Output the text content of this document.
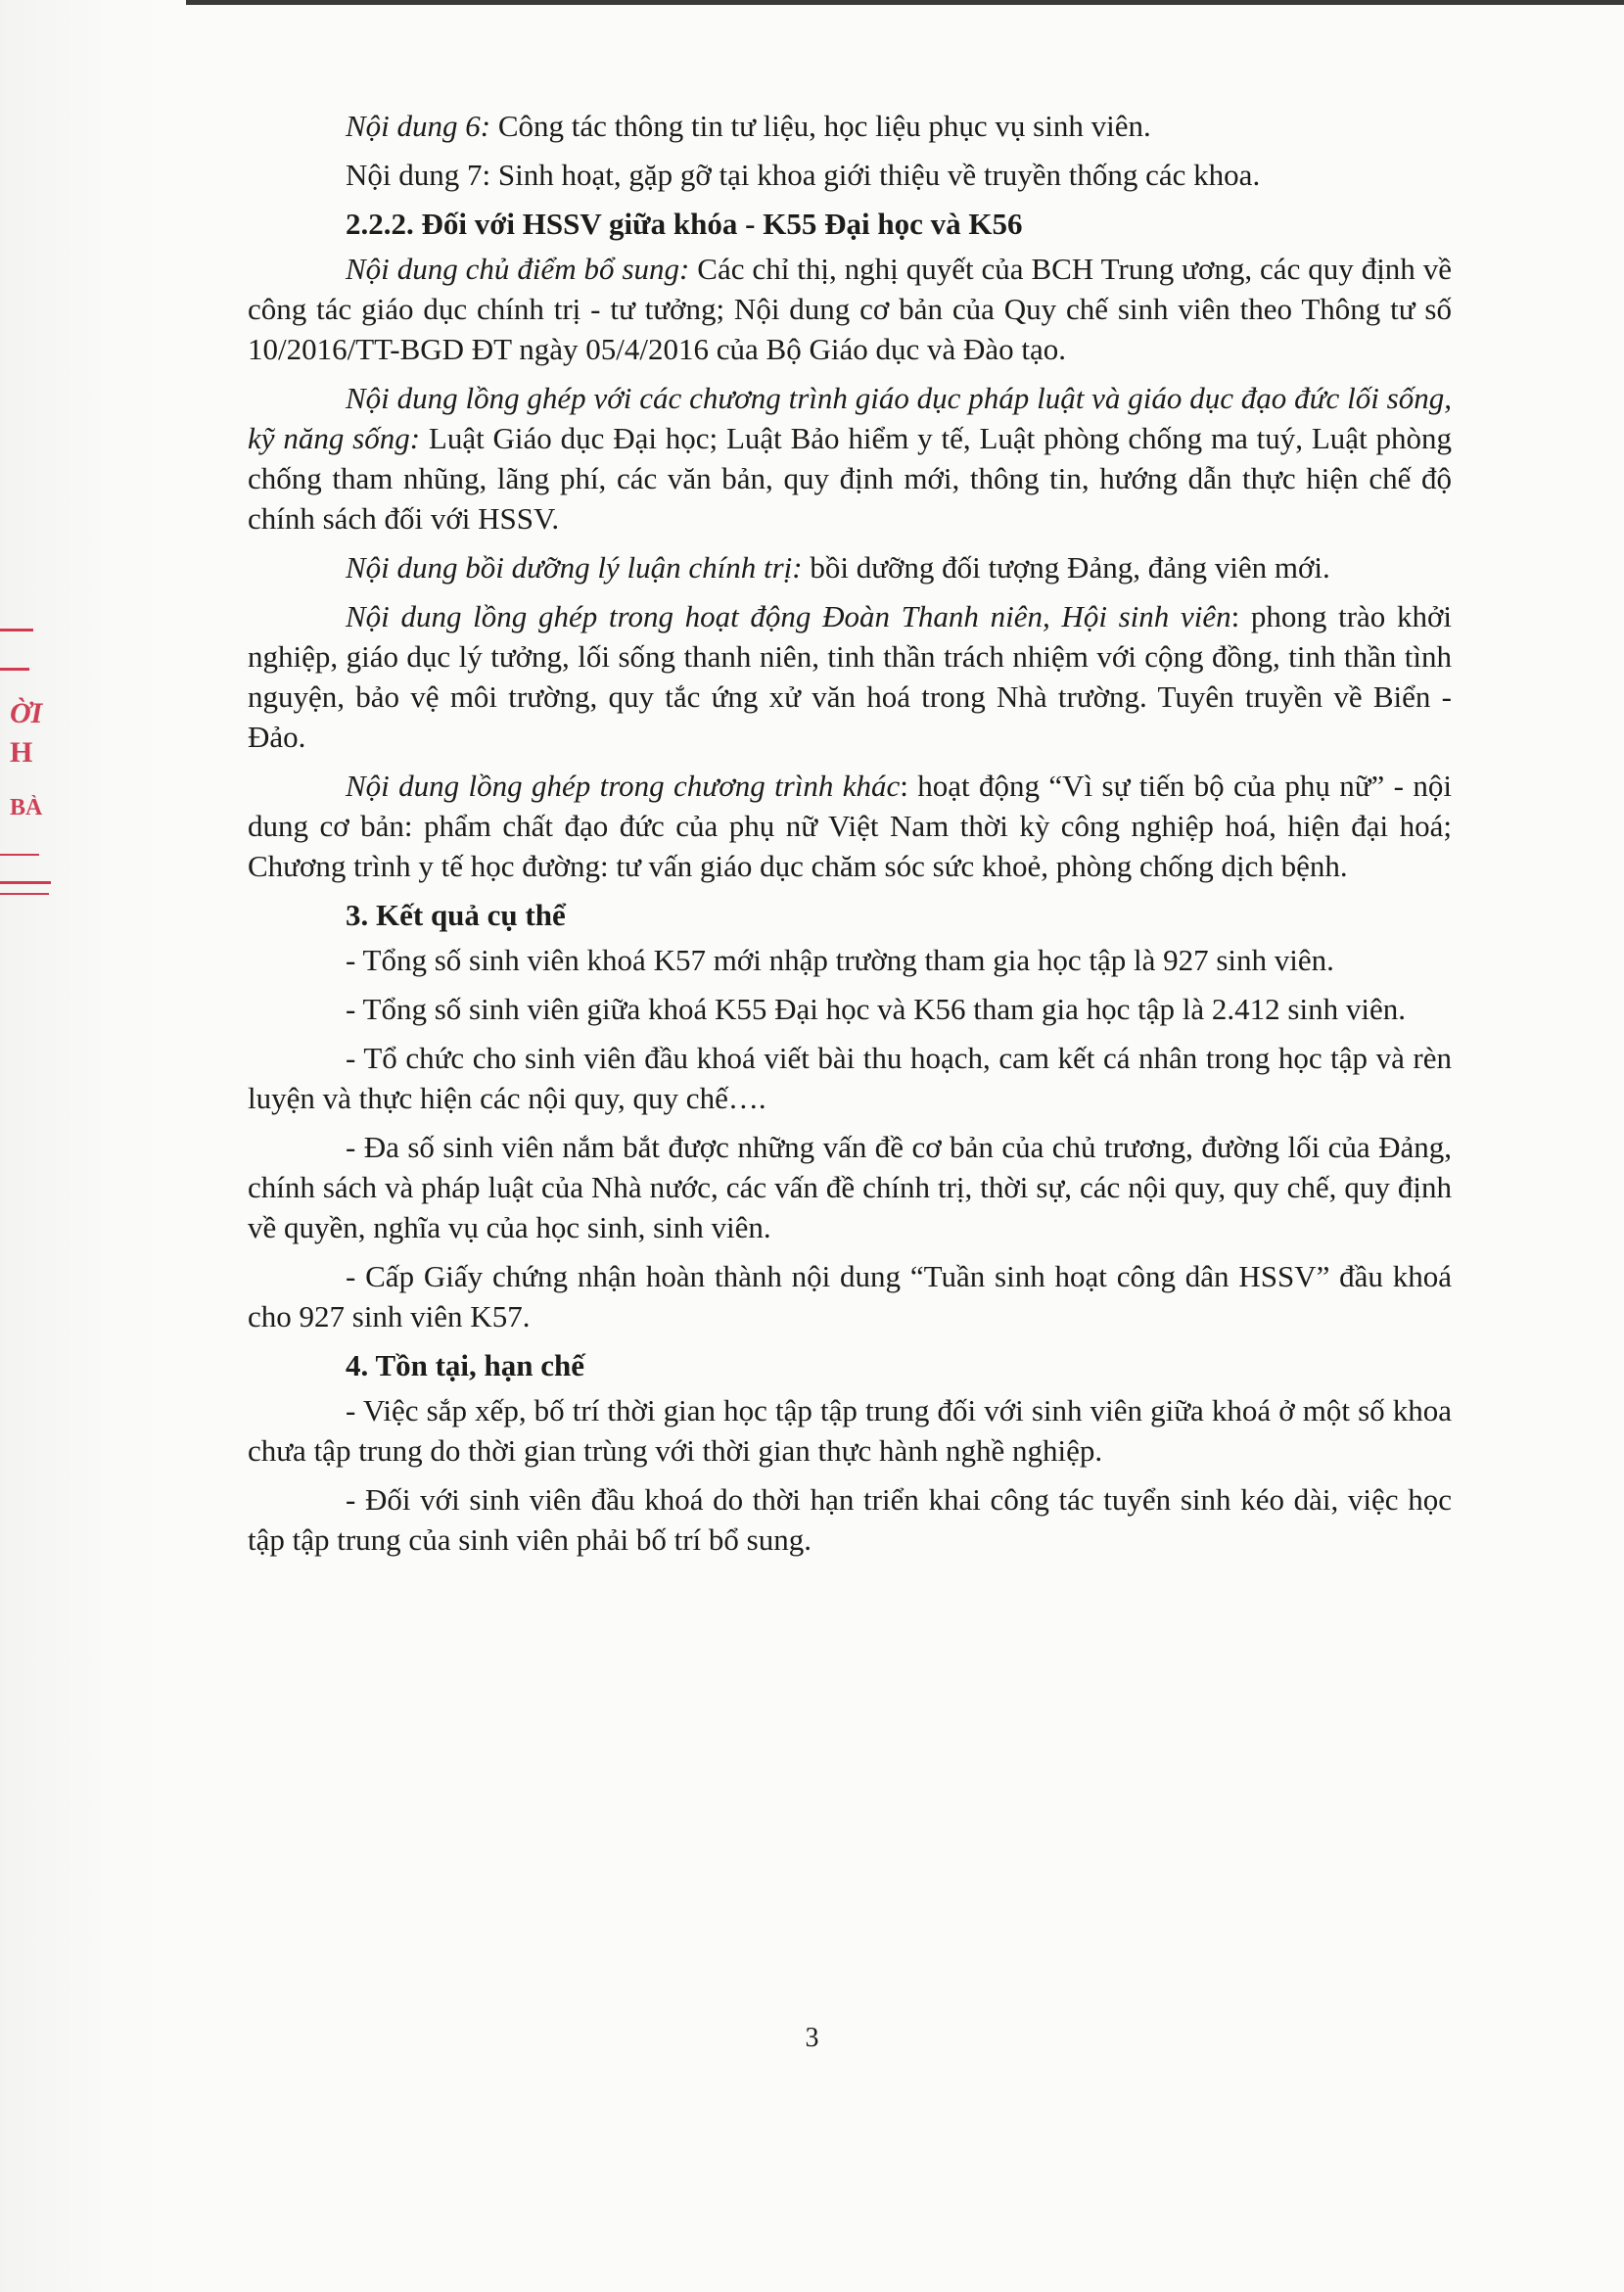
ỜI
H
BÀ

Nội dung 6: Công tác thông tin tư liệu, học liệu phục vụ sinh viên.

Nội dung 7: Sinh hoạt, gặp gỡ tại khoa giới thiệu về truyền thống các khoa.

2.2.2. Đối với HSSV giữa khóa - K55 Đại học và K56

Nội dung chủ điểm bổ sung: Các chỉ thị, nghị quyết của BCH Trung ương, các quy định về công tác giáo dục chính trị - tư tưởng; Nội dung cơ bản của Quy chế sinh viên theo Thông tư số 10/2016/TT-BGD ĐT ngày 05/4/2016 của Bộ Giáo dục và Đào tạo.

Nội dung lồng ghép với các chương trình giáo dục pháp luật và giáo dục đạo đức lối sống, kỹ năng sống: Luật Giáo dục Đại học; Luật Bảo hiểm y tế, Luật phòng chống ma tuý, Luật phòng chống tham nhũng, lãng phí, các văn bản, quy định mới, thông tin, hướng dẫn thực hiện chế độ chính sách đối với HSSV.

Nội dung bồi dưỡng lý luận chính trị: bồi dưỡng đối tượng Đảng, đảng viên mới.

Nội dung lồng ghép trong hoạt động Đoàn Thanh niên, Hội sinh viên: phong trào khởi nghiệp, giáo dục lý tưởng, lối sống thanh niên, tinh thần trách nhiệm với cộng đồng, tinh thần tình nguyện, bảo vệ môi trường, quy tắc ứng xử văn hoá trong Nhà trường. Tuyên truyền về Biển - Đảo.

Nội dung lồng ghép trong chương trình khác: hoạt động “Vì sự tiến bộ của phụ nữ” - nội dung cơ bản: phẩm chất đạo đức của phụ nữ Việt Nam thời kỳ công nghiệp hoá, hiện đại hoá; Chương trình y tế học đường: tư vấn giáo dục chăm sóc sức khoẻ, phòng chống dịch bệnh.

3. Kết quả cụ thể

- Tổng số sinh viên khoá K57 mới nhập trường tham gia học tập là 927 sinh viên.

- Tổng số sinh viên giữa khoá K55 Đại học và K56 tham gia học tập là 2.412 sinh viên.

- Tổ chức cho sinh viên đầu khoá viết bài thu hoạch, cam kết cá nhân trong học tập và rèn luyện và thực hiện các nội quy, quy chế….

- Đa số sinh viên nắm bắt được những vấn đề cơ bản của chủ trương, đường lối của Đảng, chính sách và pháp luật của Nhà nước, các vấn đề chính trị, thời sự, các nội quy, quy chế, quy định về quyền, nghĩa vụ của học sinh, sinh viên.

- Cấp Giấy chứng nhận hoàn thành nội dung “Tuần sinh hoạt công dân HSSV” đầu khoá cho 927 sinh viên K57.

4. Tồn tại, hạn chế

- Việc sắp xếp, bố trí thời gian học tập tập trung đối với sinh viên giữa khoá ở một số khoa chưa tập trung do thời gian trùng với thời gian thực hành nghề nghiệp.

- Đối với sinh viên đầu khoá do thời hạn triển khai công tác tuyển sinh kéo dài, việc học tập tập trung của sinh viên phải bố trí bổ sung.

3
